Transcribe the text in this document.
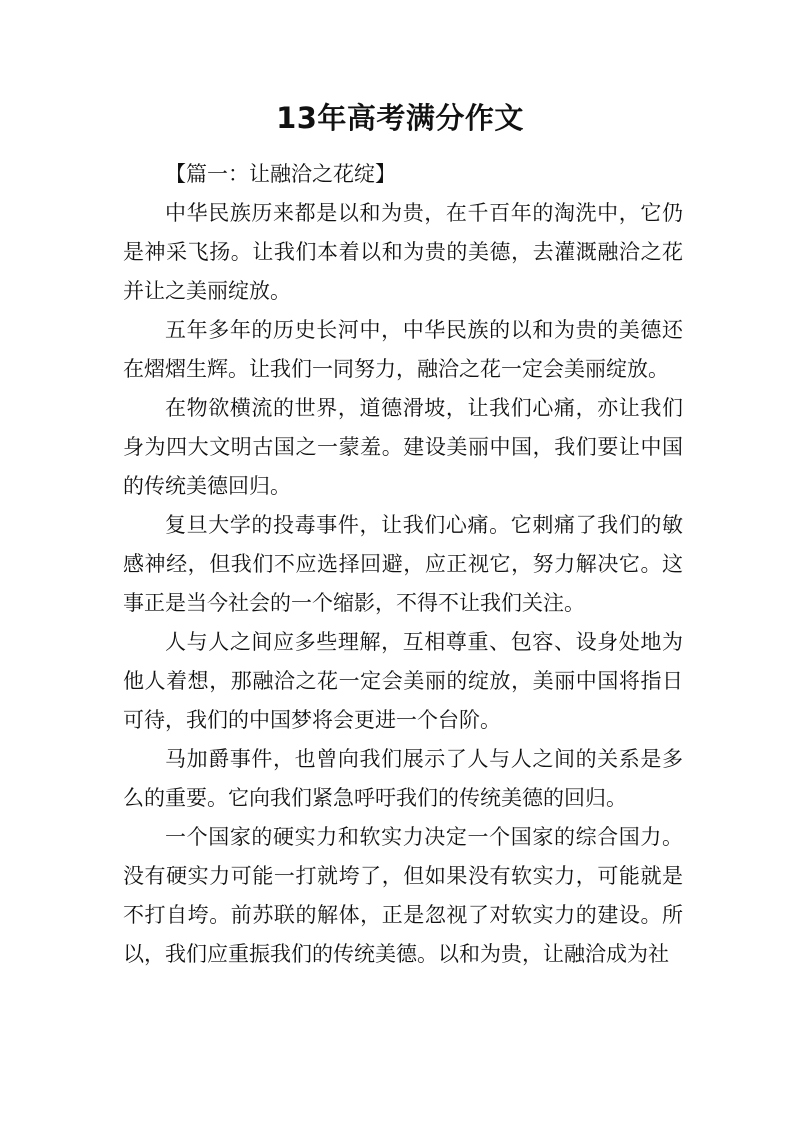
13年高考满分作文

【篇一：让融洽之花绽】

中华民族历来都是以和为贵，在千百年的淘洗中，它仍是神采飞扬。让我们本着以和为贵的美德，去灌溉融洽之花并让之美丽绽放。

五年多年的历史长河中，中华民族的以和为贵的美德还在熠熠生辉。让我们一同努力，融洽之花一定会美丽绽放。

在物欲横流的世界，道德滑坡，让我们心痛，亦让我们身为四大文明古国之一蒙羞。建设美丽中国，我们要让中国的传统美德回归。

复旦大学的投毒事件，让我们心痛。它刺痛了我们的敏感神经，但我们不应选择回避，应正视它，努力解决它。这事正是当今社会的一个缩影，不得不让我们关注。

人与人之间应多些理解，互相尊重、包容、设身处地为他人着想，那融洽之花一定会美丽的绽放，美丽中国将指日可待，我们的中国梦将会更进一个台阶。

马加爵事件，也曾向我们展示了人与人之间的关系是多么的重要。它向我们紧急呼吁我们的传统美德的回归。

一个国家的硬实力和软实力决定一个国家的综合国力。没有硬实力可能一打就垮了，但如果没有软实力，可能就是不打自垮。前苏联的解体，正是忽视了对软实力的建设。所以，我们应重振我们的传统美德。以和为贵，让融洽成为社
